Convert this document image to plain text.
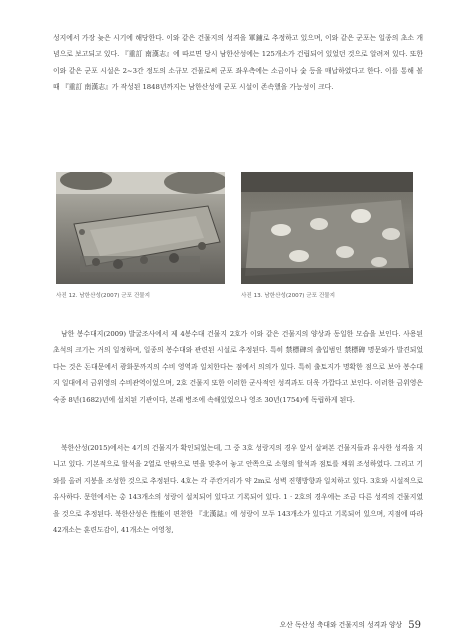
성지에서 가장 늦은 시기에 해당한다. 이와 같은 건물지의 성격을 軍鋪로 추정하고 있으며, 이와 같은 군포는 일종의 초소 개념으로 보고되고 있다. 『重訂 南漢志』에 따르면 당시 남한산성에는 125개소가 건립되어 있었던 것으로 알려져 있다. 또한 이와 같은 군포 시설은 2~3간 정도의 소규모 건물로써 군포 좌우측에는 소금이나 숯 등을 매납하였다고 한다. 이를 통해 볼 때 『重訂 南漢志』가 작성된 1848년까지는 남한산성에 군포 시설이 존속했을 가능성이 크다.

사진 12. 남한산성(2007) 군포 건물지	사진 13. 남한산성(2007) 군포 건물지

남한 봉수대지(2009) 발굴조사에서 제 4봉수대 건물지 2호가 이와 같은 건물지의 양상과 동일한 모습을 보인다. 사용된 초석의 크기는 거의 일정하며, 일종의 봉수대와 관련된 시설로 추정된다. 특히 禁標碑의 출입범인 禁標碑 명문와가 발견되었다는 것은 돈대문에서 광화문까지의 수비 영역과 일치한다는 점에서 의의가 있다. 특히 출토지가 명확한 점으로 보아 봉수대지 일대에서 금위영의 수비관역이었으며, 2호 건물지 또한 이러한 군사적인 성격과도 더욱 가깝다고 보인다. 이러한 금위영은 숙종 8년(1682)년에 설치된 기관이다, 본래 병조에 속해있었으나 영조 30년(1754)에 독립하게 된다.

북한산성(2015)에서는 4기의 건물지가 확인되었는데, 그 중 3호 성랑지의 경우 앞서 살펴본 건물지들과 유사한 성격을 지니고 있다. 기본적으로 할석을 2열로 안팎으로 면을 맞추어 놓고 안쪽으로 소형의 할석과 점토를 채워 조성하였다. 그리고 기와를 올려 지붕을 조성한 것으로 추정된다. 4호는 각 주칸거리가 약 2m로 성벽 진행방향과 일치하고 있다. 3호와 시설적으로 유사하다. 문헌에서는 총 143개소의 성랑이 설치되어 있다고 기록되어 있다. 1 · 2호의 경우에는 조금 다른 성격의 건물지였을 것으로 추정된다. 북한산성은 性能이 편찬한 『北漢誌』에 성랑이 모두 143개소가 있다고 기록되어 있으며, 지점에 따라 42개소는 훈련도감이, 41개소는 어영청,

오산 독산성 축대와 건물지의 성격과 양상 59
